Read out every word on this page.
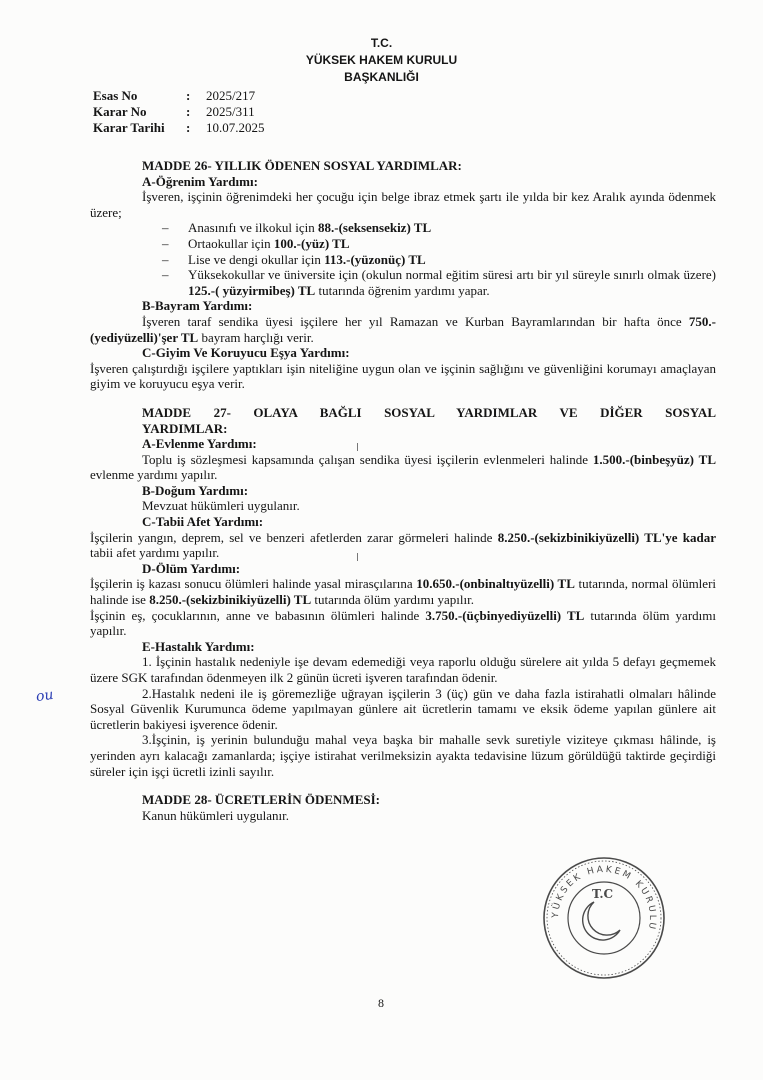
T.C.
YÜKSEK HAKEM KURULU
BAŞKANLIĞI
Esas No	:	2025/217
Karar No	:	2025/311
Karar Tarihi	:	10.07.2025
MADDE 26- YILLIK ÖDENEN SOSYAL YARDIMLAR:
A-Öğrenim Yardımı:
İşveren, işçinin öğrenimdeki her çocuğu için belge ibraz etmek şartı ile yılda bir kez Aralık ayında ödenmek üzere;
– Anasınıfı ve ilkokul için 88.-(seksensekiz) TL
– Ortaokullar için 100.-(yüz) TL
– Lise ve dengi okullar için 113.-(yüzonüç) TL
– Yüksekokullar ve üniversite için (okulun normal eğitim süresi artı bir yıl süreyle sınırlı olmak üzere) 125.-( yüzyirmibeş) TL tutarında öğrenim yardımı yapar.
B-Bayram Yardımı:
İşveren taraf sendika üyesi işçilere her yıl Ramazan ve Kurban Bayramlarından bir hafta önce 750.-(yediyüzelli)'şer TL bayram harçlığı verir.
C-Giyim Ve Koruyucu Eşya Yardımı:
İşveren çalıştırdığı işçilere yaptıkları işin niteliğine uygun olan ve işçinin sağlığını ve güvenliğini korumayı amaçlayan giyim ve koruyucu eşya verir.
MADDE 27- OLAYA BAĞLI SOSYAL YARDIMLAR VE DİĞER SOSYAL
YARDIMLAR:
A-Evlenme Yardımı:
Toplu iş sözleşmesi kapsamında çalışan sendika üyesi işçilerin evlenmeleri halinde 1.500.-(binbeşyüz) TL evlenme yardımı yapılır.
B-Doğum Yardımı:
Mevzuat hükümleri uygulanır.
C-Tabii Afet Yardımı:
İşçilerin yangın, deprem, sel ve benzeri afetlerden zarar görmeleri halinde 8.250.-(sekizbinikiyüzelli) TL'ye kadar tabii afet yardımı yapılır.
D-Ölüm Yardımı:
İşçilerin iş kazası sonucu ölümleri halinde yasal mirasçılarına 10.650.-(onbinaltıyüzelli) TL tutarında, normal ölümleri halinde ise 8.250.-(sekizbinikiyüzelli) TL tutarında ölüm yardımı yapılır.
İşçinin eş, çocuklarının, anne ve babasının ölümleri halinde 3.750.-(üçbinyediyüzelli) TL tutarında ölüm yardımı yapılır.
E-Hastalık Yardımı:
1. İşçinin hastalık nedeniyle işe devam edemediği veya raporlu olduğu sürelere ait yılda 5 defayı geçmemek üzere SGK tarafından ödenmeyen ilk 2 günün ücreti işveren tarafından ödenir.
2.Hastalık nedeni ile iş göremezliğe uğrayan işçilerin 3 (üç) gün ve daha fazla istirahatli olmaları hâlinde Sosyal Güvenlik Kurumunca ödeme yapılmayan günlere ait ücretlerin tamamı ve eksik ödeme yapılan günlere ait ücretlerin bakiyesi işverence ödenir.
3.İşçinin, iş yerinin bulunduğu mahal veya başka bir mahalle sevk suretiyle viziteye çıkması hâlinde, iş yerinden ayrı kalacağı zamanlarda; işçiye istirahat verilmeksizin ayakta tedavisine lüzum görüldüğü taktirde geçirdiği süreler için işçi ücretli izinli sayılır.
MADDE 28- ÜCRETLERİN ÖDENMESİ:
Kanun hükümleri uygulanır.
ou
YÜKSEK HAKEM KURULU
T.C
8
